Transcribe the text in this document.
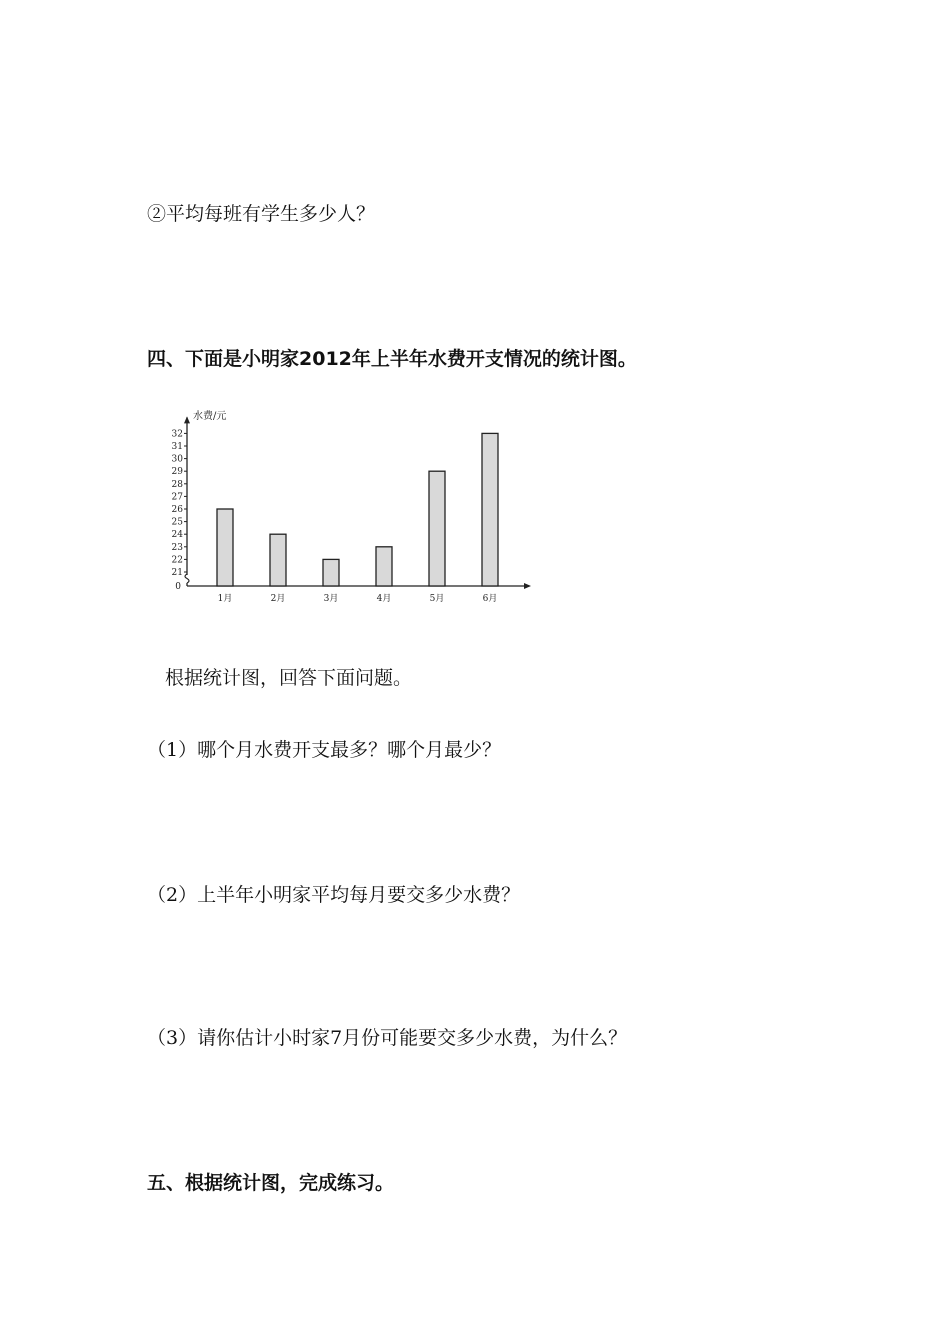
②平均每班有学生多少人？
四、下面是小明家2012年上半年水费开支情况的统计图。
21
22
23
24
25
26
27
28
29
30
31
32
0
1月	2月	3月	4月	5月	6月
水费/元
根据统计图，回答下面问题。
（1）哪个月水费开支最多？哪个月最少？
（2）上半年小明家平均每月要交多少水费？
（3）请你估计小时家7月份可能要交多少水费，为什么？
五、根据统计图，完成练习。
